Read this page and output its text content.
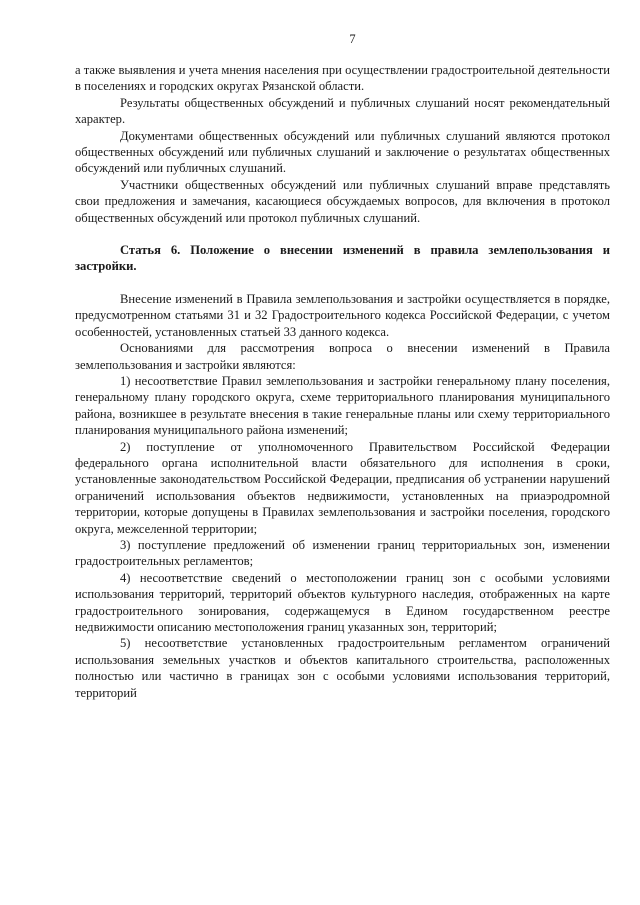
7

а также выявления и учета мнения населения при осуществлении градостроительной деятельности в поселениях и городских округах Рязанской области.

Результаты общественных обсуждений и публичных слушаний носят рекомендательный характер.

Документами общественных обсуждений или публичных слушаний являются протокол общественных обсуждений или публичных слушаний и заключение о результатах общественных обсуждений или публичных слушаний.

Участники общественных обсуждений или публичных слушаний вправе представлять свои предложения и замечания, касающиеся обсуждаемых вопросов, для включения в протокол общественных обсуждений или протокол публичных слушаний.

Статья 6. Положение о внесении изменений в правила землепользования и застройки.

Внесение изменений в Правила землепользования и застройки осуществляется в порядке, предусмотренном статьями 31 и 32 Градостроительного кодекса Российской Федерации, с учетом особенностей, установленных статьей 33 данного кодекса.

Основаниями для рассмотрения вопроса о внесении изменений в Правила землепользования и застройки являются:

1) несоответствие Правил землепользования и застройки генеральному плану поселения, генеральному плану городского округа, схеме территориального планирования муниципального района, возникшее в результате внесения в такие генеральные планы или схему территориального планирования муниципального района изменений;

2) поступление от уполномоченного Правительством Российской Федерации федерального органа исполнительной власти обязательного для исполнения в сроки, установленные законодательством Российской Федерации, предписания об устранении нарушений ограничений использования объектов недвижимости, установленных на приаэродромной территории, которые допущены в Правилах землепользования и застройки поселения, городского округа, межселенной территории;

3) поступление предложений об изменении границ территориальных зон, изменении градостроительных регламентов;

4) несоответствие сведений о местоположении границ зон с особыми условиями использования территорий, территорий объектов культурного наследия, отображенных на карте градостроительного зонирования, содержащемуся в Едином государственном реестре недвижимости описанию местоположения границ указанных зон, территорий;

5) несоответствие установленных градостроительным регламентом ограничений использования земельных участков и объектов капитального строительства, расположенных полностью или частично в границах зон с особыми условиями использования территорий, территорий
